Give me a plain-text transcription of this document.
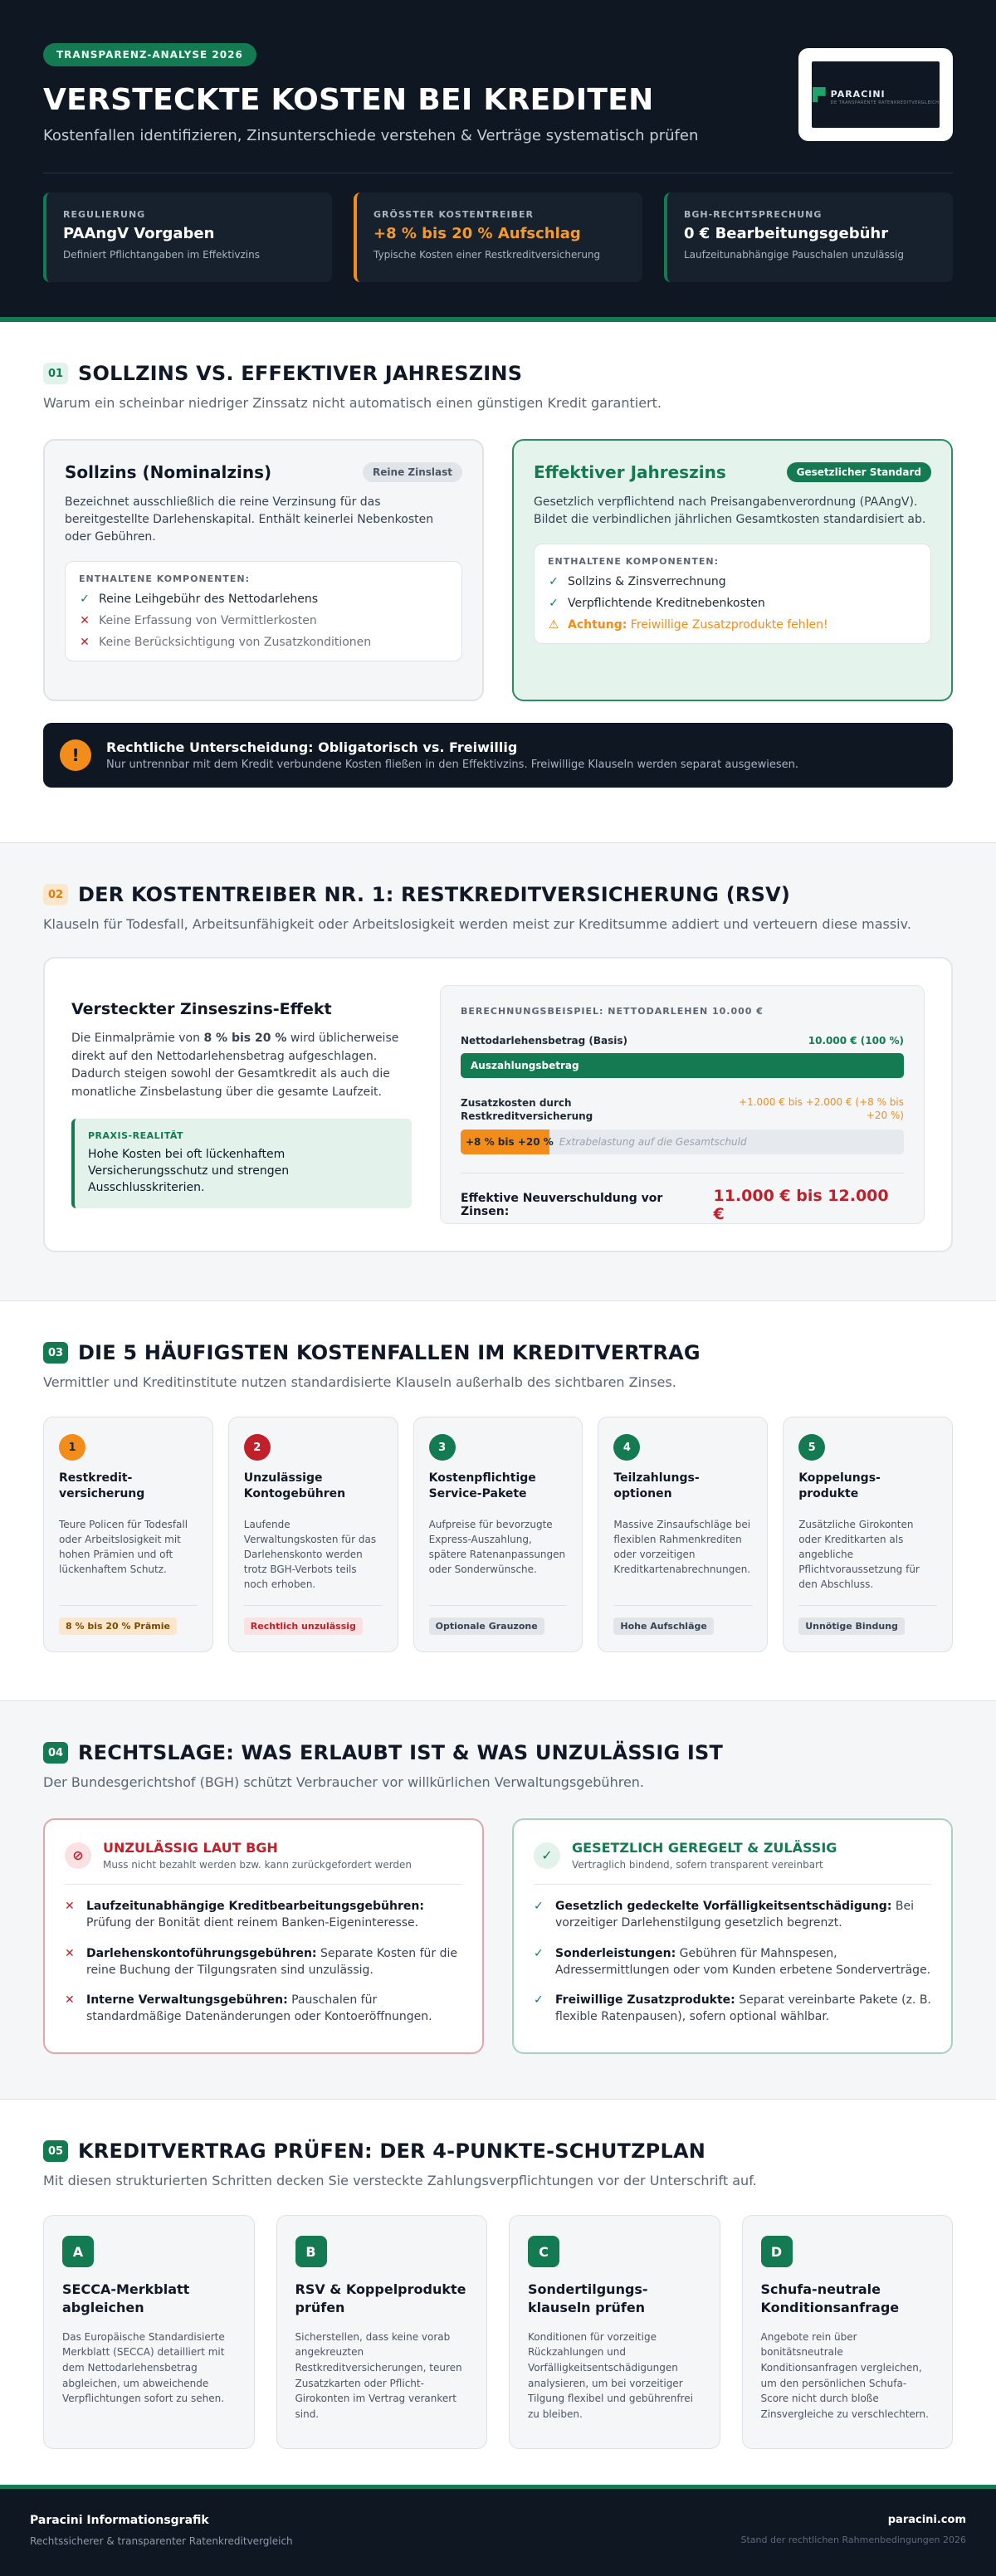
TRANSPARENZ-ANALYSE 2026
VERSTECKTE KOSTEN BEI KREDITEN
Kostenfallen identifizieren, Zinsunterschiede verstehen & Verträge systematisch prüfen
PARACINI
DE TRANSPARENTE RATENKREDITVERGLEICH
REGULIERUNG
PAAngV Vorgaben
Definiert Pflichtangaben im Effektivzins
GRÖSSTER KOSTENTREIBER
+8 % bis 20 % Aufschlag
Typische Kosten einer Restkreditversicherung
BGH-RECHTSPRECHUNG
0 € Bearbeitungsgebühr
Laufzeitunabhängige Pauschalen unzulässig
01 SOLLZINS VS. EFFEKTIVER JAHRESZINS
Warum ein scheinbar niedriger Zinssatz nicht automatisch einen günstigen Kredit garantiert.
Sollzins (Nominalzins)	Reine Zinslast
Bezeichnet ausschließlich die reine Verzinsung für das bereitgestellte Darlehenskapital. Enthält keinerlei Nebenkosten oder Gebühren.
ENTHALTENE KOMPONENTEN:
✓ Reine Leihgebühr des Nettodarlehens
✕ Keine Erfassung von Vermittlerkosten
✕ Keine Berücksichtigung von Zusatzkonditionen
Effektiver Jahreszins	Gesetzlicher Standard
Gesetzlich verpflichtend nach Preisangabenverordnung (PAAngV). Bildet die verbindlichen jährlichen Gesamtkosten standardisiert ab.
ENTHALTENE KOMPONENTEN:
✓ Sollzins & Zinsverrechnung
✓ Verpflichtende Kreditnebenkosten
⚠ Achtung: Freiwillige Zusatzprodukte fehlen!
!	Rechtliche Unterscheidung: Obligatorisch vs. Freiwillig
Nur untrennbar mit dem Kredit verbundene Kosten fließen in den Effektivzins. Freiwillige Klauseln werden separat ausgewiesen.
02 DER KOSTENTREIBER NR. 1: RESTKREDITVERSICHERUNG (RSV)
Klauseln für Todesfall, Arbeitsunfähigkeit oder Arbeitslosigkeit werden meist zur Kreditsumme addiert und verteuern diese massiv.
Versteckter Zinseszins-Effekt

Die Einmalprämie von 8 % bis 20 % wird üblicherweise direkt auf den Nettodarlehensbetrag aufgeschlagen. Dadurch steigen sowohl der Gesamtkredit als auch die monatliche Zinsbelastung über die gesamte Laufzeit.

PRAXIS-REALITÄT
Hohe Kosten bei oft lückenhaftem Versicherungsschutz und strengen Ausschlusskriterien.
BERECHNUNGSBEISPIEL: NETTODARLEHEN 10.000 €
Nettodarlehensbetrag (Basis)	10.000 € (100 %)
Auszahlungsbetrag
Zusatzkosten durch Restkreditversicherung
+1.000 € bis +2.000 € (+8 % bis +20 %)
+8 % bis +20 % Extrabelastung auf die Gesamtschuld
Effektive Neuverschuldung vor Zinsen:
11.000 € bis 12.000 €
03 DIE 5 HÄUFIGSTEN KOSTENFALLEN IM KREDITVERTRAG
Vermittler und Kreditinstitute nutzen standardisierte Klauseln außerhalb des sichtbaren Zinses.
1
Restkredit-versicherung

Teure Policen für Todesfall oder Arbeitslosigkeit mit hohen Prämien und oft lückenhaftem Schutz.

8 % bis 20 % Prämie
2
Unzulässige Kontogebühren

Laufende Verwaltungskosten für das Darlehenskonto werden trotz BGH-Verbots teils noch erhoben.

Rechtlich unzulässig
3
Kostenpflichtige Service-Pakete

Aufpreise für bevorzugte Express-Auszahlung, spätere Ratenanpassungen oder Sonderwünsche.

Optionale Grauzone
4
Teilzahlungs-optionen

Massive Zinsaufschläge bei flexiblen Rahmenkrediten oder vorzeitigen Kreditkartenabrechnungen.

Hohe Aufschläge
5
Koppelungs-produkte

Zusätzliche Girokonten oder Kreditkarten als angebliche Pflichtvoraussetzung für den Abschluss.

Unnötige Bindung
04 RECHTSLAGE: WAS ERLAUBT IST & WAS UNZULÄSSIG IST
Der Bundesgerichtshof (BGH) schützt Verbraucher vor willkürlichen Verwaltungsgebühren.
⊘	UNZULÄSSIG LAUT BGH
Muss nicht bezahlt werden bzw. kann zurückgefordert werden
✕ Laufzeitunabhängige Kreditbearbeitungsgebühren: Prüfung der Bonität dient reinem Banken-Eigeninteresse.
✕ Darlehenskontoführungsgebühren: Separate Kosten für die reine Buchung der Tilgungsraten sind unzulässig.
✕ Interne Verwaltungsgebühren: Pauschalen für standardmäßige Datenänderungen oder Kontoeröffnungen.
✓	GESETZLICH GEREGELT & ZULÄSSIG
Vertraglich bindend, sofern transparent vereinbart
✓ Gesetzlich gedeckelte Vorfälligkeitsentschädigung: Bei vorzeitiger Darlehenstilgung gesetzlich begrenzt.
✓ Sonderleistungen: Gebühren für Mahnspesen, Adressermittlungen oder vom Kunden erbetene Sonderverträge.
✓ Freiwillige Zusatzprodukte: Separat vereinbarte Pakete (z. B. flexible Ratenpausen), sofern optional wählbar.
05 KREDITVERTRAG PRÜFEN: DER 4-PUNKTE-SCHUTZPLAN
Mit diesen strukturierten Schritten decken Sie versteckte Zahlungsverpflichtungen vor der Unterschrift auf.
A
SECCA-Merkblatt abgleichen

Das Europäische Standardisierte Merkblatt (SECCA) detailliert mit dem Nettodarlehensbetrag abgleichen, um abweichende Verpflichtungen sofort zu sehen.

B
RSV & Koppelprodukte prüfen

Sicherstellen, dass keine vorab angekreuzten Restkreditversicherungen, teuren Zusatzkarten oder Pflicht-Girokonten im Vertrag verankert sind.

C
Sondertilgungs-klauseln prüfen

Konditionen für vorzeitige Rückzahlungen und Vorfälligkeitsentschädigungen analysieren, um bei vorzeitiger Tilgung flexibel und gebührenfrei zu bleiben.

D
Schufa-neutrale Konditionsanfrage

Angebote rein über bonitätsneutrale Konditionsanfragen vergleichen, um den persönlichen Schufa-Score nicht durch bloße Zinsvergleiche zu verschlechtern.

Paracini Informationsgrafik
Rechtssicherer & transparenter Ratenkreditvergleich
paracini.com
Stand der rechtlichen Rahmenbedingungen 2026
